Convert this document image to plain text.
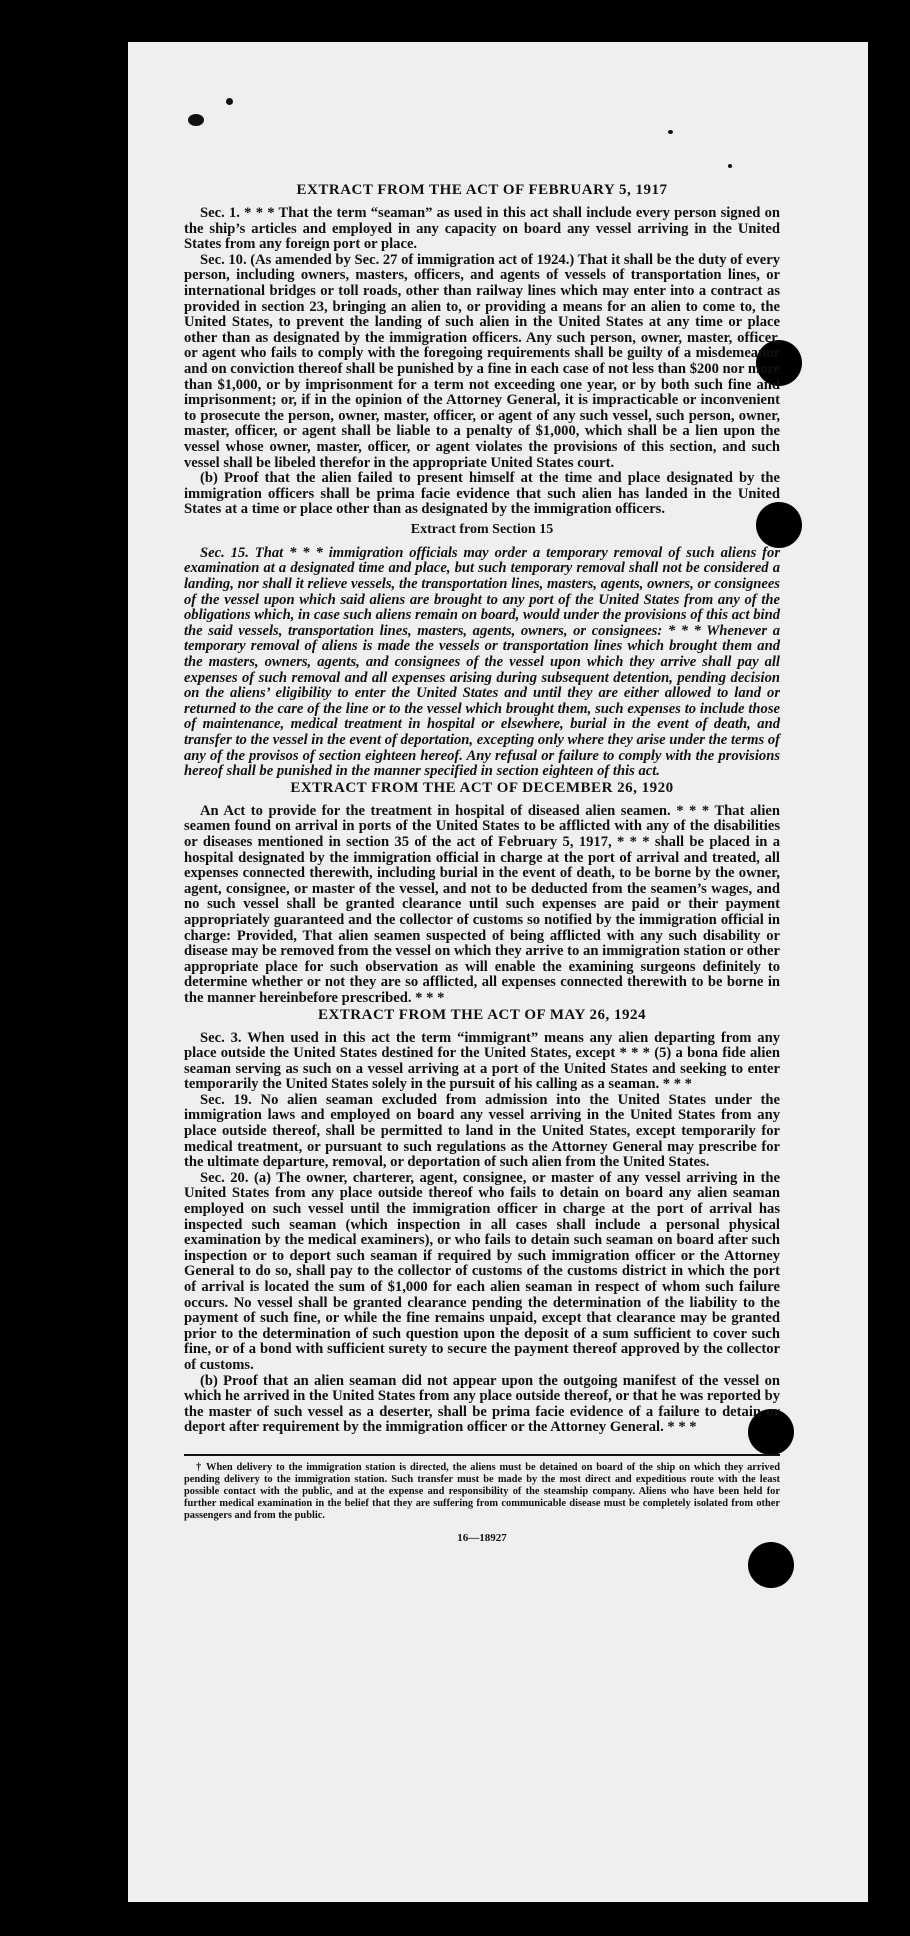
EXTRACT FROM THE ACT OF FEBRUARY 5, 1917

Sec. 1. * * * That the term “seaman” as used in this act shall include every person signed on the ship’s articles and employed in any capacity on board any vessel arriving in the United States from any foreign port or place.

Sec. 10. (As amended by Sec. 27 of immigration act of 1924.) That it shall be the duty of every person, including owners, masters, officers, and agents of vessels of transportation lines, or international bridges or toll roads, other than railway lines which may enter into a contract as provided in section 23, bringing an alien to, or providing a means for an alien to come to, the United States, to prevent the landing of such alien in the United States at any time or place other than as designated by the immigration officers. Any such person, owner, master, officer, or agent who fails to comply with the foregoing requirements shall be guilty of a misdemeanor and on conviction thereof shall be punished by a fine in each case of not less than $200 nor more than $1,000, or by imprisonment for a term not exceeding one year, or by both such fine and imprisonment; or, if in the opinion of the Attorney General, it is impracticable or inconvenient to prosecute the person, owner, master, officer, or agent of any such vessel, such person, owner, master, officer, or agent shall be liable to a penalty of $1,000, which shall be a lien upon the vessel whose owner, master, officer, or agent violates the provisions of this section, and such vessel shall be libeled therefor in the appropriate United States court.

(b) Proof that the alien failed to present himself at the time and place designated by the immigration officers shall be prima facie evidence that such alien has landed in the United States at a time or place other than as designated by the immigration officers.

Extract from Section 15

Sec. 15. That * * * immigration officials may order a temporary removal of such aliens for examination at a designated time and place, but such temporary removal shall not be considered a landing, nor shall it relieve vessels, the transportation lines, masters, agents, owners, or consignees of the vessel upon which said aliens are brought to any port of the United States from any of the obligations which, in case such aliens remain on board, would under the provisions of this act bind the said vessels, transportation lines, masters, agents, owners, or consignees: * * * Whenever a temporary removal of aliens is made the vessels or transportation lines which brought them and the masters, owners, agents, and consignees of the vessel upon which they arrive shall pay all expenses of such removal and all expenses arising during subsequent detention, pending decision on the aliens’ eligibility to enter the United States and until they are either allowed to land or returned to the care of the line or to the vessel which brought them, such expenses to include those of maintenance, medical treatment in hospital or elsewhere, burial in the event of death, and transfer to the vessel in the event of deportation, excepting only where they arise under the terms of any of the provisos of section eighteen hereof. Any refusal or failure to comply with the provisions hereof shall be punished in the manner specified in section eighteen of this act.

EXTRACT FROM THE ACT OF DECEMBER 26, 1920

An Act to provide for the treatment in hospital of diseased alien seamen. * * * That alien seamen found on arrival in ports of the United States to be afflicted with any of the disabilities or diseases mentioned in section 35 of the act of February 5, 1917, * * * shall be placed in a hospital designated by the immigration official in charge at the port of arrival and treated, all expenses connected therewith, including burial in the event of death, to be borne by the owner, agent, consignee, or master of the vessel, and not to be deducted from the seamen’s wages, and no such vessel shall be granted clearance until such expenses are paid or their payment appropriately guaranteed and the collector of customs so notified by the immigration official in charge: Provided, That alien seamen suspected of being afflicted with any such disability or disease may be removed from the vessel on which they arrive to an immigration station or other appropriate place for such observation as will enable the examining surgeons definitely to determine whether or not they are so afflicted, all expenses connected therewith to be borne in the manner hereinbefore prescribed. * * *

EXTRACT FROM THE ACT OF MAY 26, 1924

Sec. 3. When used in this act the term “immigrant” means any alien departing from any place outside the United States destined for the United States, except * * * (5) a bona fide alien seaman serving as such on a vessel arriving at a port of the United States and seeking to enter temporarily the United States solely in the pursuit of his calling as a seaman. * * *

Sec. 19. No alien seaman excluded from admission into the United States under the immigration laws and employed on board any vessel arriving in the United States from any place outside thereof, shall be permitted to land in the United States, except temporarily for medical treatment, or pursuant to such regulations as the Attorney General may prescribe for the ultimate departure, removal, or deportation of such alien from the United States.

Sec. 20. (a) The owner, charterer, agent, consignee, or master of any vessel arriving in the United States from any place outside thereof who fails to detain on board any alien seaman employed on such vessel until the immigration officer in charge at the port of arrival has inspected such seaman (which inspection in all cases shall include a personal physical examination by the medical examiners), or who fails to detain such seaman on board after such inspection or to deport such seaman if required by such immigration officer or the Attorney General to do so, shall pay to the collector of customs of the customs district in which the port of arrival is located the sum of $1,000 for each alien seaman in respect of whom such failure occurs. No vessel shall be granted clearance pending the determination of the liability to the payment of such fine, or while the fine remains unpaid, except that clearance may be granted prior to the determination of such question upon the deposit of a sum sufficient to cover such fine, or of a bond with sufficient surety to secure the payment thereof approved by the collector of customs.

(b) Proof that an alien seaman did not appear upon the outgoing manifest of the vessel on which he arrived in the United States from any place outside thereof, or that he was reported by the master of such vessel as a deserter, shall be prima facie evidence of a failure to detain or deport after requirement by the immigration officer or the Attorney General. * * *

† When delivery to the immigration station is directed, the aliens must be detained on board of the ship on which they arrived pending delivery to the immigration station. Such transfer must be made by the most direct and expeditious route with the least possible contact with the public, and at the expense and responsibility of the steamship company. Aliens who have been held for further medical examination in the belief that they are suffering from communicable disease must be completely isolated from other passengers and from the public.

16—18927
